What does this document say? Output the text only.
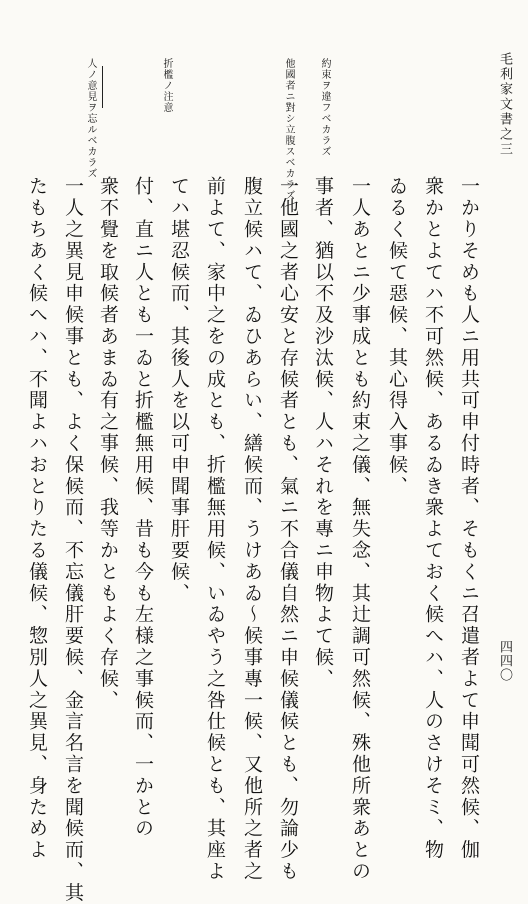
毛利家文書之三
四四〇
約束ヲ違フベカラズ
他國者ニ對シ立腹スベカラズ
折檻ノ注意
人ノ意見ヲ忘ルベカラズ
一かりそめも人ニ用共可申付時者、そもくニ召遣者よて申聞可然候、伽
衆かとよてハ不可然候、あるゐき衆よておく候へハ、人のさけそミ、物
ゐるく候て惡候、其心得入事候、
一人あとニ少事成とも約束之儀、無失念、其辻調可然候、殊他所衆あとの
事者、猶以不及沙汰候、人ハそれを專ニ申物よて候、
一他國之者心安と存候者とも、氣ニ不合儀自然ニ申候儀候とも、勿論少も
腹立候ハて、ゐひあらい、繕候而、うけあゐ～候事專一候、又他所之者之
前よて、家中之をの成とも、折檻無用候、いゐやう之咎仕候とも、其座よ
てハ堪忍候而、其後人を以可申聞事肝要候、
付、直ニ人とも一ゐと折檻無用候、昔も今も左様之事候而、一かとの
衆不覺を取候者あまゐ有之事候、我等かともよく存候、
一人之異見申候事とも、よく保候而、不忘儀肝要候、金言名言を聞候而、其
たもちあく候へハ、不聞よハおとりたる儀候、惣別人之異見、身ためよ
